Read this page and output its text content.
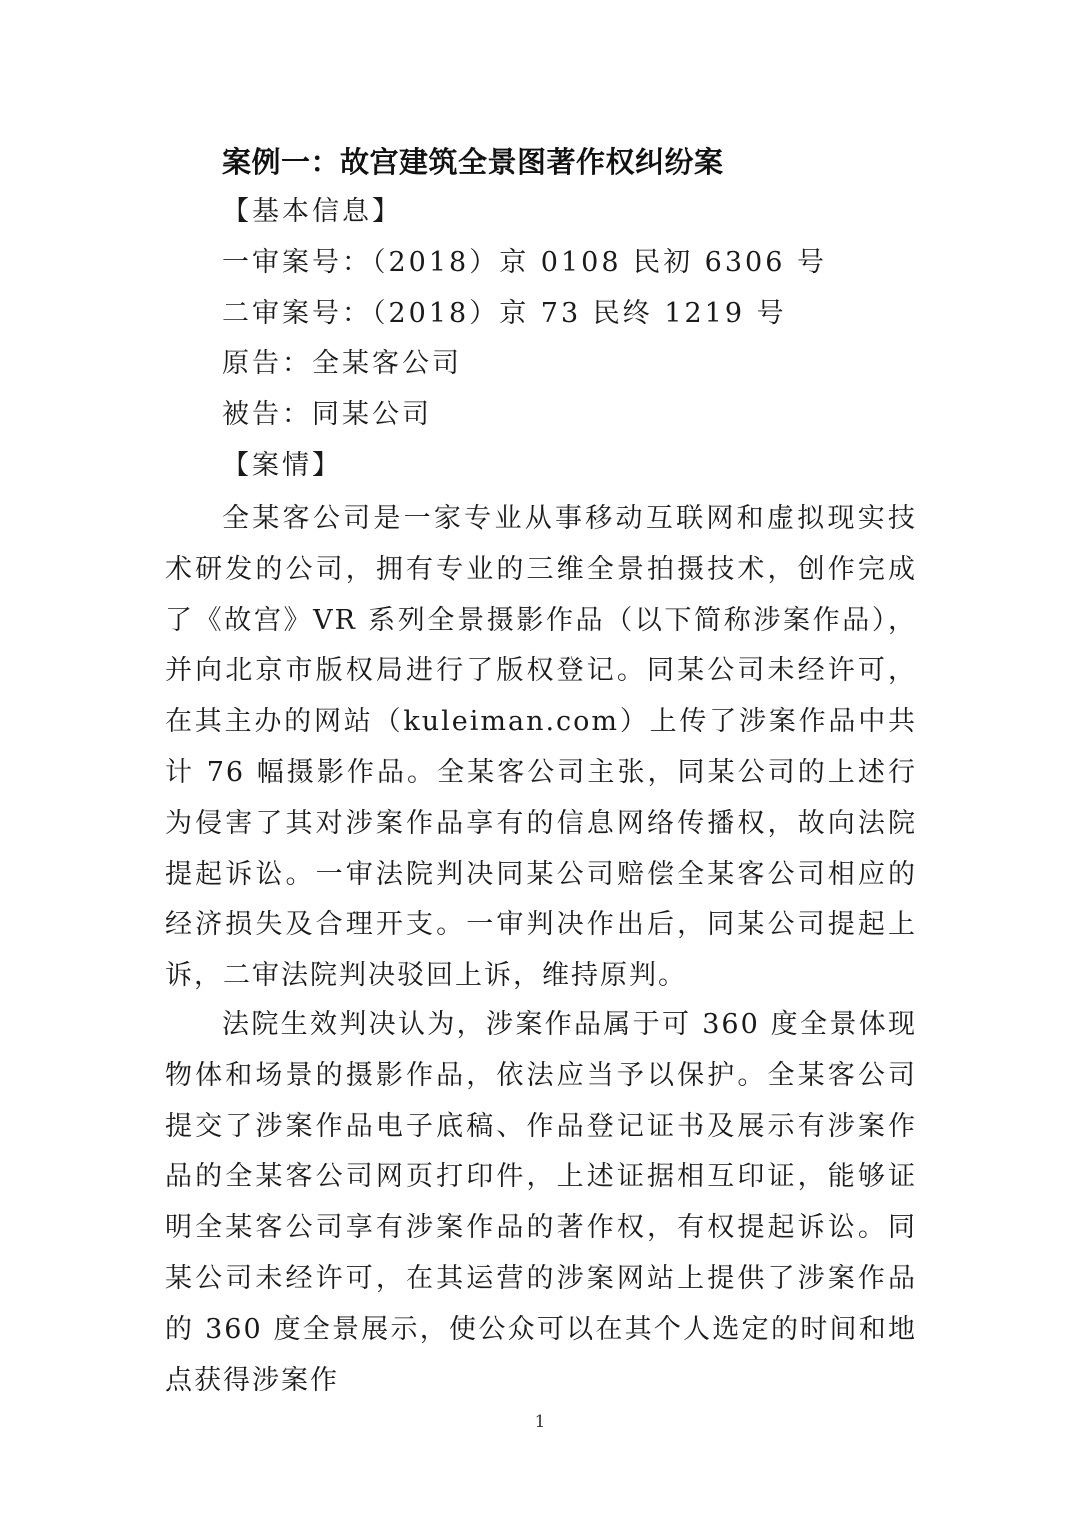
案例一：故宫建筑全景图著作权纠纷案
【基本信息】
一审案号：（2018）京 0108 民初 6306 号
二审案号：（2018）京 73 民终 1219 号
原告：全某客公司
被告：同某公司
【案情】
全某客公司是一家专业从事移动互联网和虚拟现实技术研发的公司，拥有专业的三维全景拍摄技术，创作完成了《故宫》VR 系列全景摄影作品（以下简称涉案作品），并向北京市版权局进行了版权登记。同某公司未经许可，在其主办的网站（kuleiman.com）上传了涉案作品中共计 76 幅摄影作品。全某客公司主张，同某公司的上述行为侵害了其对涉案作品享有的信息网络传播权，故向法院提起诉讼。一审法院判决同某公司赔偿全某客公司相应的经济损失及合理开支。一审判决作出后，同某公司提起上诉，二审法院判决驳回上诉，维持原判。
法院生效判决认为，涉案作品属于可 360 度全景体现物体和场景的摄影作品，依法应当予以保护。全某客公司提交了涉案作品电子底稿、作品登记证书及展示有涉案作品的全某客公司网页打印件，上述证据相互印证，能够证明全某客公司享有涉案作品的著作权，有权提起诉讼。同某公司未经许可，在其运营的涉案网站上提供了涉案作品的 360 度全景展示，使公众可以在其个人选定的时间和地点获得涉案作
1
